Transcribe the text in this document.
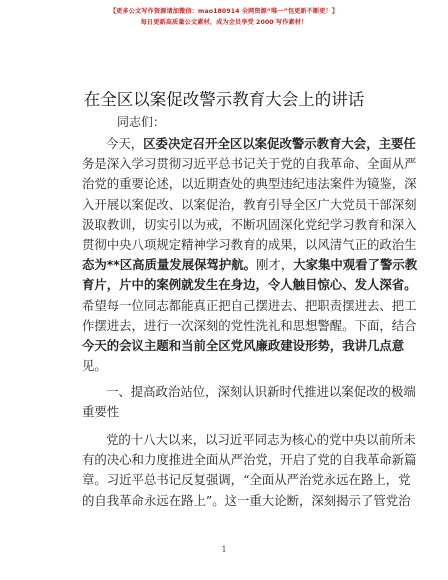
【更多公文写作资源请加微信：mao180914 全网资源“唯一”包更新不断更！】
每日更新高质量公文素材，成为会员享受 2000 写作素材！
在全区以案促改警示教育大会上的讲话
同志们：
今天，区委决定召开全区以案促改警示教育大会，主要任
务是深入学习贯彻习近平总书记关于党的自我革命、全面从严
治党的重要论述，以近期查处的典型违纪违法案件为镜鉴，深
入开展以案促改、以案促治，教育引导全区广大党员干部深刻
汲取教训，切实引以为戒，不断巩固深化党纪学习教育和深入
贯彻中央八项规定精神学习教育的成果，以风清气正的政治生
态为**区高质量发展保驾护航。刚才，大家集中观看了警示教
育片，片中的案例就发生在身边，令人触目惊心、发人深省。
希望每一位同志都能真正把自己摆进去、把职责摆进去、把工
作摆进去，进行一次深刻的党性洗礼和思想警醒。下面，结合
今天的会议主题和当前全区党风廉政建设形势，我讲几点意
见。
一、提高政治站位，深刻认识新时代推进以案促改的极端
重要性
党的十八大以来，以习近平同志为核心的党中央以前所未
有的决心和力度推进全面从严治党，开启了党的自我革命新篇
章。习近平总书记反复强调，“全面从严治党永远在路上，党
的自我革命永远在路上”。这一重大论断，深刻揭示了管党治
1
